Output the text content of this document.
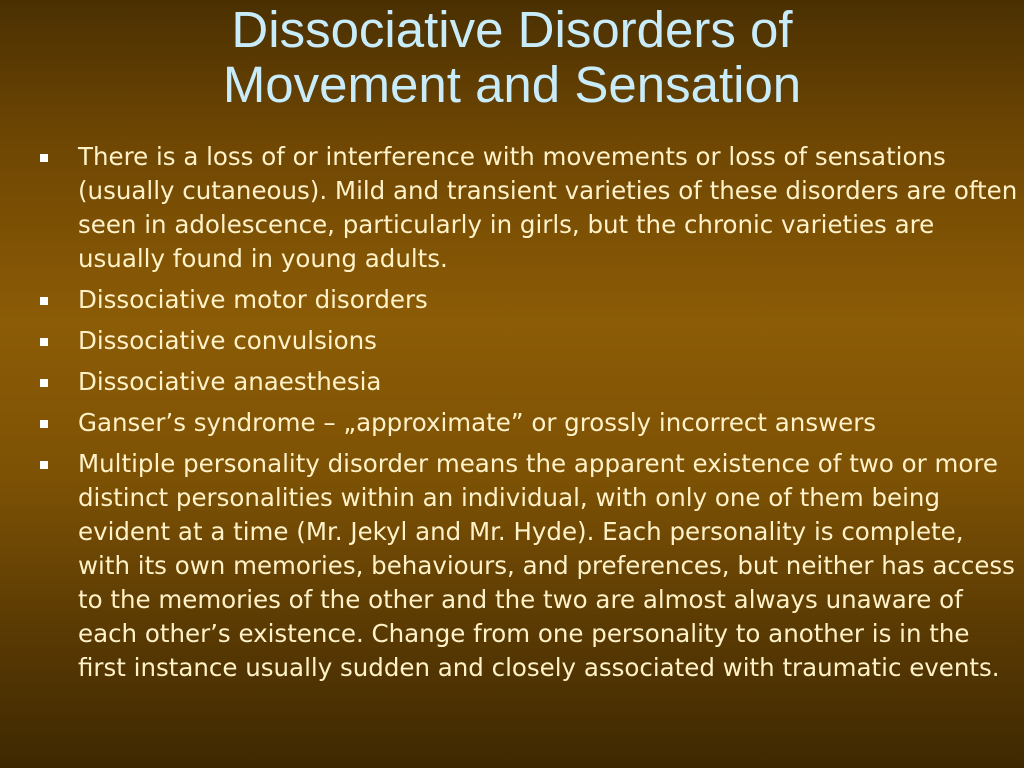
Dissociative Disorders of
Movement and Sensation
There is a loss of or interference with movements or loss of sensations (usually cutaneous). Mild and transient varieties of these disorders are often seen in adolescence, particularly in girls, but the chronic varieties are usually found in young adults.
Dissociative motor disorders
Dissociative convulsions
Dissociative anaesthesia
Ganser’s syndrome – „approximate” or grossly incorrect answers
Multiple personality disorder means the apparent existence of two or more distinct personalities within an individual, with only one of them being evident at a time (Mr. Jekyl and Mr. Hyde). Each personality is complete, with its own memories, behaviours, and preferences, but neither has access to the memories of the other and the two are almost always unaware of each other’s existence. Change from one personality to another is in the first instance usually sudden and closely associated with traumatic events.
